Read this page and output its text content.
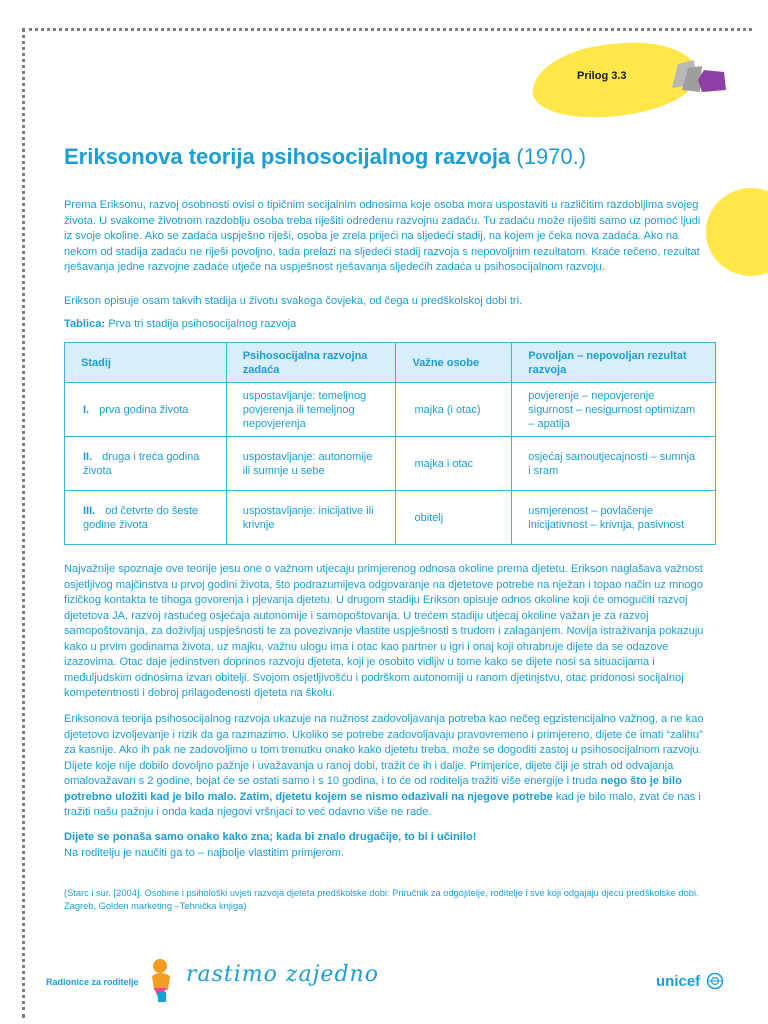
Prilog 3.3
Eriksonova teorija psihosocijalnog razvoja (1970.)

Prema Eriksonu, razvoj osobnosti ovisi o tipičnim socijalnim odnosima koje osoba mora uspostaviti u različitim razdobljima svojeg života. U svakome životnom razdoblju osoba treba riješiti određenu razvojnu zadaću. Tu zadaću može riješiti samo uz pomoć ljudi iz svoje okoline. Ako se zadaća uspješno riješi, osoba je zrela prijeći na sljedeći stadij, na kojem je čeka nova zadaća. Ako na nekom od stadija zadaću ne riješi povoljno, tada prelazi na sljedeći stadij razvoja s nepovoljnim rezultatom. Kraće rečeno, rezultat rješavanja jedne razvojne zadaće utječe na uspješnost rješavanja sljedećih zadaća u psihosocijalnom razvoju.

Erikson opisuje osam takvih stadija u životu svakoga čovjeka, od čega u predškolskoj dobi tri.

Tablica: Prva tri stadija psihosocijalnog razvoja
Stadij	Psihosocijalna razvojna zadaća	Važne osobe	Povoljan – nepovoljan rezultat razvoja
I. prva godina života	uspostavljanje: temeljnog povjerenja ili temeljnog nepovjerenja	majka (i otac)	povjerenje – nepovjerenje sigurnost – nesigurnost optimizam – apatija
II. druga i treća godina života	uspostavljanje: autonomije ili sumnje u sebe	majka i otac	osjećaj samoutjecajnosti – sumnja i sram
III. od četvrte do šeste godine života	uspostavljanje: inicijative ili krivnje	obitelj	usmjerenost – povlačenje inicijativnost – krivnja, pasivnost

Najvažnije spoznaje ove teorije jesu one o važnom utjecaju primjerenog odnosa okoline prema djetetu. Erikson naglašava važnost osjetljivog majčinstva u prvoj godini života, što podrazumijeva odgovaranje na djetetove potrebe na nježan i topao način uz mnogo fizičkog kontakta te tihoga govorenja i pjevanja djetetu. U drugom stadiju Erikson opisuje odnos okoline koji će omogućiti razvoj djetetova JA, razvoj rastućeg osjećaja autonomije i samopoštovanja. U trećem stadiju utjecaj okoline važan je za razvoj samopoštovanja, za doživljaj uspješnosti te za povezivanje vlastite uspješnosti s trudom i zalaganjem. Novija istraživanja pokazuju kako u prvim godinama života, uz majku, važnu ulogu ima i otac kao partner u igri i onaj koji ohrabruje dijete da se odazove izazovima. Otac daje jedinstven doprinos razvoju djeteta, koji je osobito vidljiv u tome kako se dijete nosi sa situacijama i međuljudskim odnosima izvan obitelji. Svojom osjetljivošću i podrškom autonomiji u ranom djetinjstvu, otac pridonosi socijalnoj kompetentnosti i dobroj prilagođenosti djeteta na školu.

Eriksonova teorija psihosocijalnog razvoja ukazuje na nužnost zadovoljavanja potreba kao nečeg egzistencijalno važnog, a ne kao djetetovo izvoljevanje i rizik da ga razmazimo. Ukoliko se potrebe zadovoljavaju pravovremeno i primjereno, dijete će imati “zalihu” za kasnije. Ako ih pak ne zadovoljimo u tom trenutku onako kako djetetu treba, može se dogoditi zastoj u psihosocijalnom razvoju. Dijete koje nije dobilo dovoljno pažnje i uvažavanja u ranoj dobi, tražit će ih i dalje. Primjerice, dijete čiji je strah od odvajanja omalovažavan s 2 godine, bojat će se ostati samo i s 10 godina, i to će od roditelja tražiti više energije i truda nego što je bilo potrebno uložiti kad je bilo malo. Zatim, djetetu kojem se nismo odazivali na njegove potrebe kad je bilo malo, zvat će nas i tražiti našu pažnju i onda kada njegovi vršnjaci to već odavno više ne rade.

Dijete se ponaša samo onako kako zna; kada bi znalo drugačije, to bi i učinilo!
Na roditelju je naučiti ga to – najbolje vlastitim primjerom.

(Starc i sur. [2004]. Osobine i psihološki uvjeti razvoja djeteta predškolske dobi: Priručnik za odgojitelje, roditelje i sve koji odgajaju djecu predškolske dobi. Zagreb, Golden marketing –Tehnička knjiga)

Radionice za roditelje rastimo zajedno	unicef
